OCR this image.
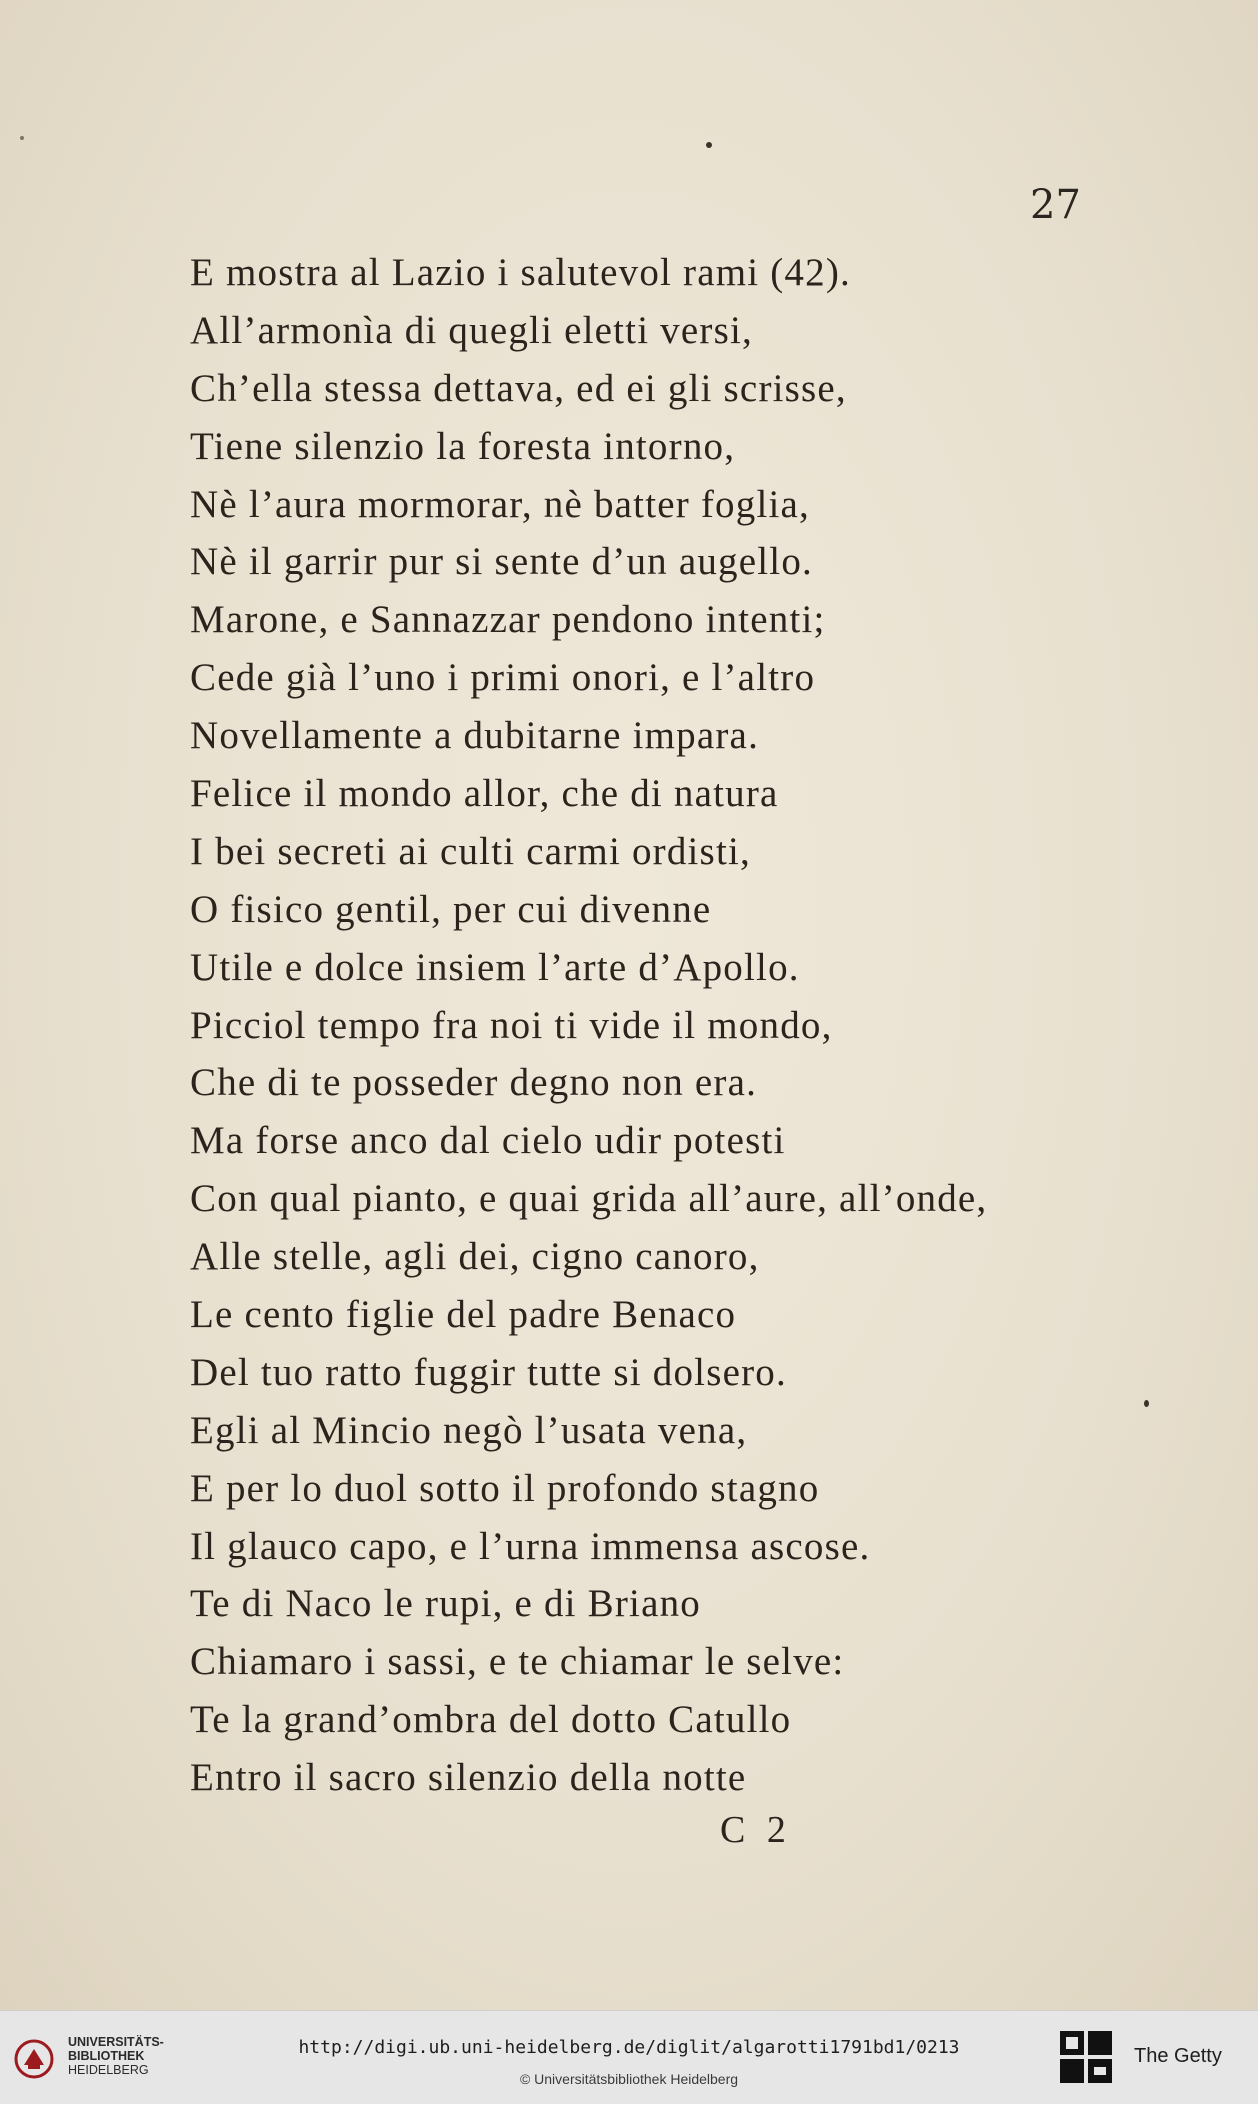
27
E mostra al Lazio i salutevol rami (42).
All’armonìa di quegli eletti versi,
Ch’ella stessa dettava, ed ei gli scrisse,
Tiene silenzio la foresta intorno,
Nè l’aura mormorar, nè batter foglia,
Nè il garrir pur si sente d’un augello.
Marone, e Sannazzar pendono intenti;
Cede già l’uno i primi onori, e l’altro
Novellamente a dubitarne impara.
Felice il mondo allor, che di natura
I bei secreti ai culti carmi ordisti,
O fisico gentil, per cui divenne
Utile e dolce insiem l’arte d’Apollo.
Picciol tempo fra noi ti vide il mondo,
Che di te posseder degno non era.
Ma forse anco dal cielo udir potesti
Con qual pianto, e quai grida all’aure, all’onde,
Alle stelle, agli dei, cigno canoro,
Le cento figlie del padre Benaco
Del tuo ratto fuggir tutte si dolsero.
Egli al Mincio negò l’usata vena,
E per lo duol sotto il profondo stagno
Il glauco capo, e l’urna immensa ascose.
Te di Naco le rupi, e di Briano
Chiamaro i sassi, e te chiamar le selve:
Te la grand’ombra del dotto Catullo
Entro il sacro silenzio della notte
C 2
UNIVERSITÄTS-
BIBLIOTHEK
HEIDELBERG
http://digi.ub.uni-heidelberg.de/diglit/algarotti1791bd1/0213
© Universitätsbibliothek Heidelberg
The Getty
